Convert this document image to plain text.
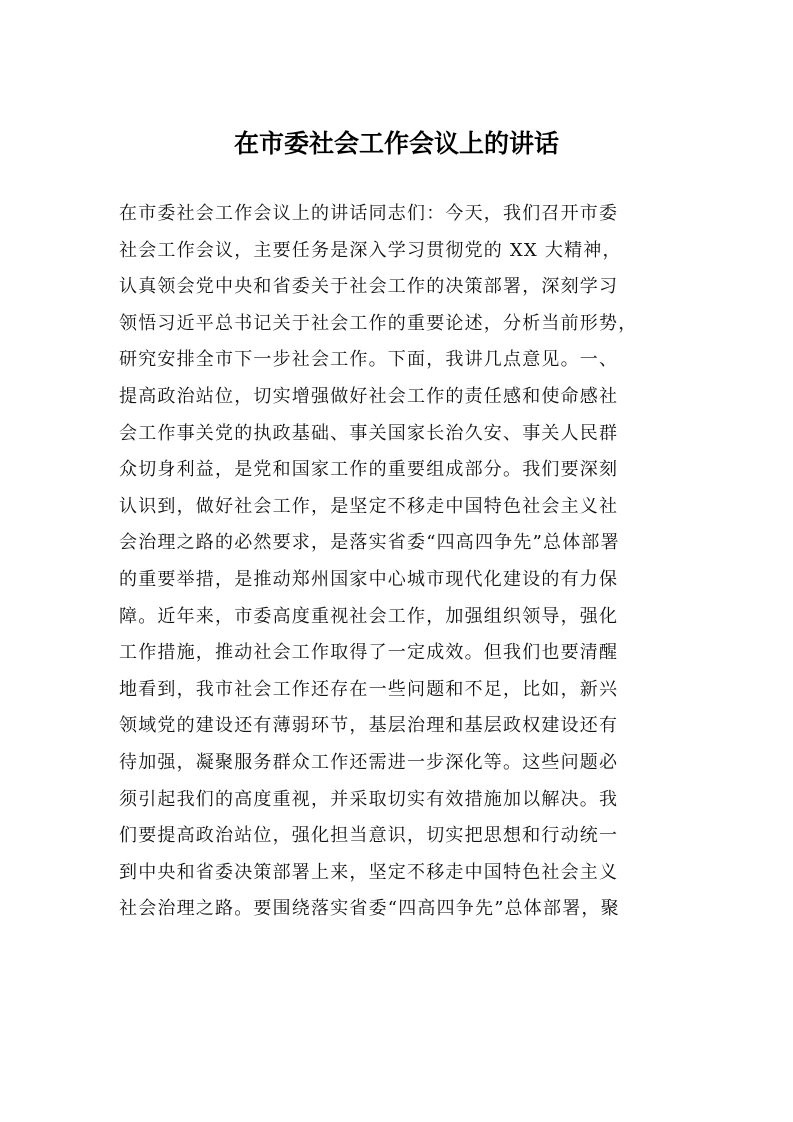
在市委社会工作会议上的讲话
在市委社会工作会议上的讲话同志们：今天，我们召开市委
社会工作会议，主要任务是深入学习贯彻党的 XX 大精神，
认真领会党中央和省委关于社会工作的决策部署，深刻学习
领悟习近平总书记关于社会工作的重要论述，分析当前形势，
研究安排全市下一步社会工作。下面，我讲几点意见。一、
提高政治站位，切实增强做好社会工作的责任感和使命感社
会工作事关党的执政基础、事关国家长治久安、事关人民群
众切身利益，是党和国家工作的重要组成部分。我们要深刻
认识到，做好社会工作，是坚定不移走中国特色社会主义社
会治理之路的必然要求，是落实省委“四高四争先”总体部署
的重要举措，是推动郑州国家中心城市现代化建设的有力保
障。近年来，市委高度重视社会工作，加强组织领导，强化
工作措施，推动社会工作取得了一定成效。但我们也要清醒
地看到，我市社会工作还存在一些问题和不足，比如，新兴
领域党的建设还有薄弱环节，基层治理和基层政权建设还有
待加强，凝聚服务群众工作还需进一步深化等。这些问题必
须引起我们的高度重视，并采取切实有效措施加以解决。我
们要提高政治站位，强化担当意识，切实把思想和行动统一
到中央和省委决策部署上来，坚定不移走中国特色社会主义
社会治理之路。要围绕落实省委“四高四争先”总体部署，聚
